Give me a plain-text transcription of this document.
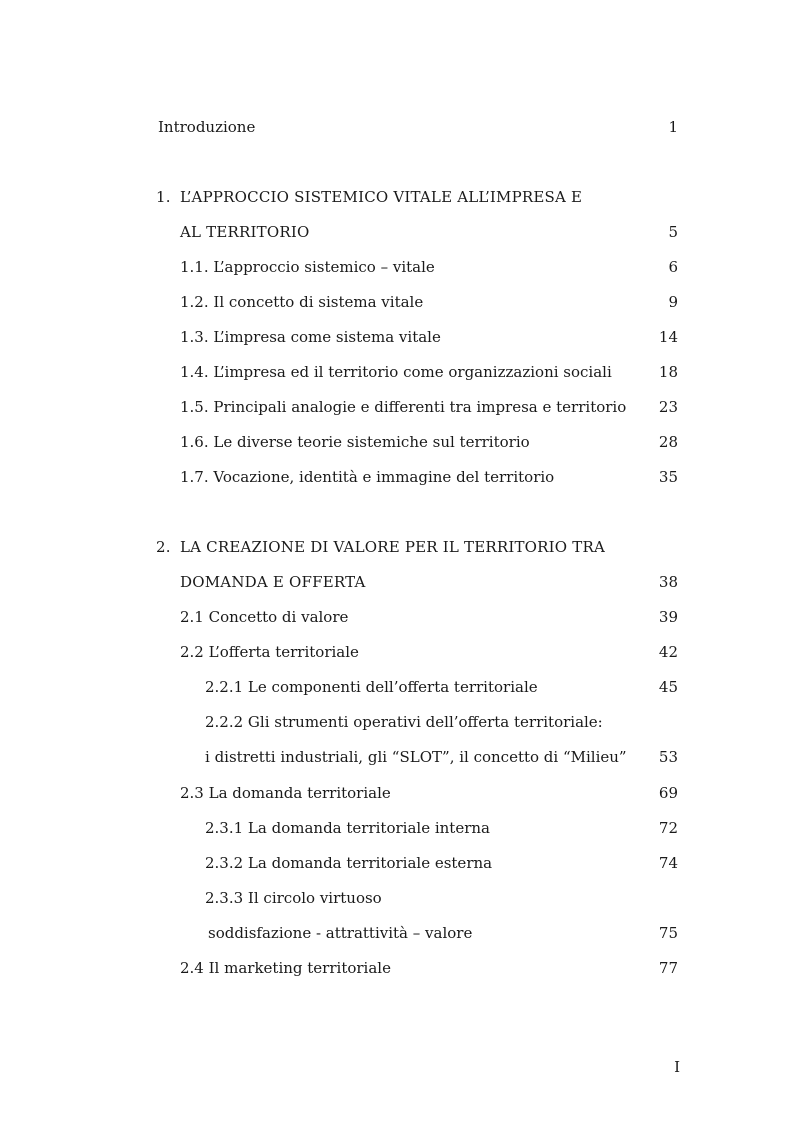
Introduzione	1
1. L’APPROCCIO SISTEMICO VITALE ALL’IMPRESA E
AL TERRITORIO	5
1.1. L’approccio sistemico – vitale	6
1.2. Il concetto di sistema vitale	9
1.3. L’impresa come sistema vitale	14
1.4. L’impresa ed il territorio come organizzazioni sociali	18
1.5. Principali analogie e differenti tra impresa e territorio 23
1.6. Le diverse teorie sistemiche sul territorio	28
1.7. Vocazione, identità e immagine del territorio	35
2. LA CREAZIONE DI VALORE PER IL TERRITORIO TRA
DOMANDA E OFFERTA	38
2.1 Concetto di valore	39
2.2 L’offerta territoriale	42
2.2.1 Le componenti dell’offerta territoriale	45
2.2.2 Gli strumenti operativi dell’offerta territoriale:
i distretti industriali, gli “SLOT”, il concetto di “Milieu” 53
2.3 La domanda territoriale	69
2.3.1 La domanda territoriale interna	72
2.3.2 La domanda territoriale esterna	74
2.3.3 Il circolo virtuoso
soddisfazione - attrattività – valore	75
2.4 Il marketing territoriale	77
I
